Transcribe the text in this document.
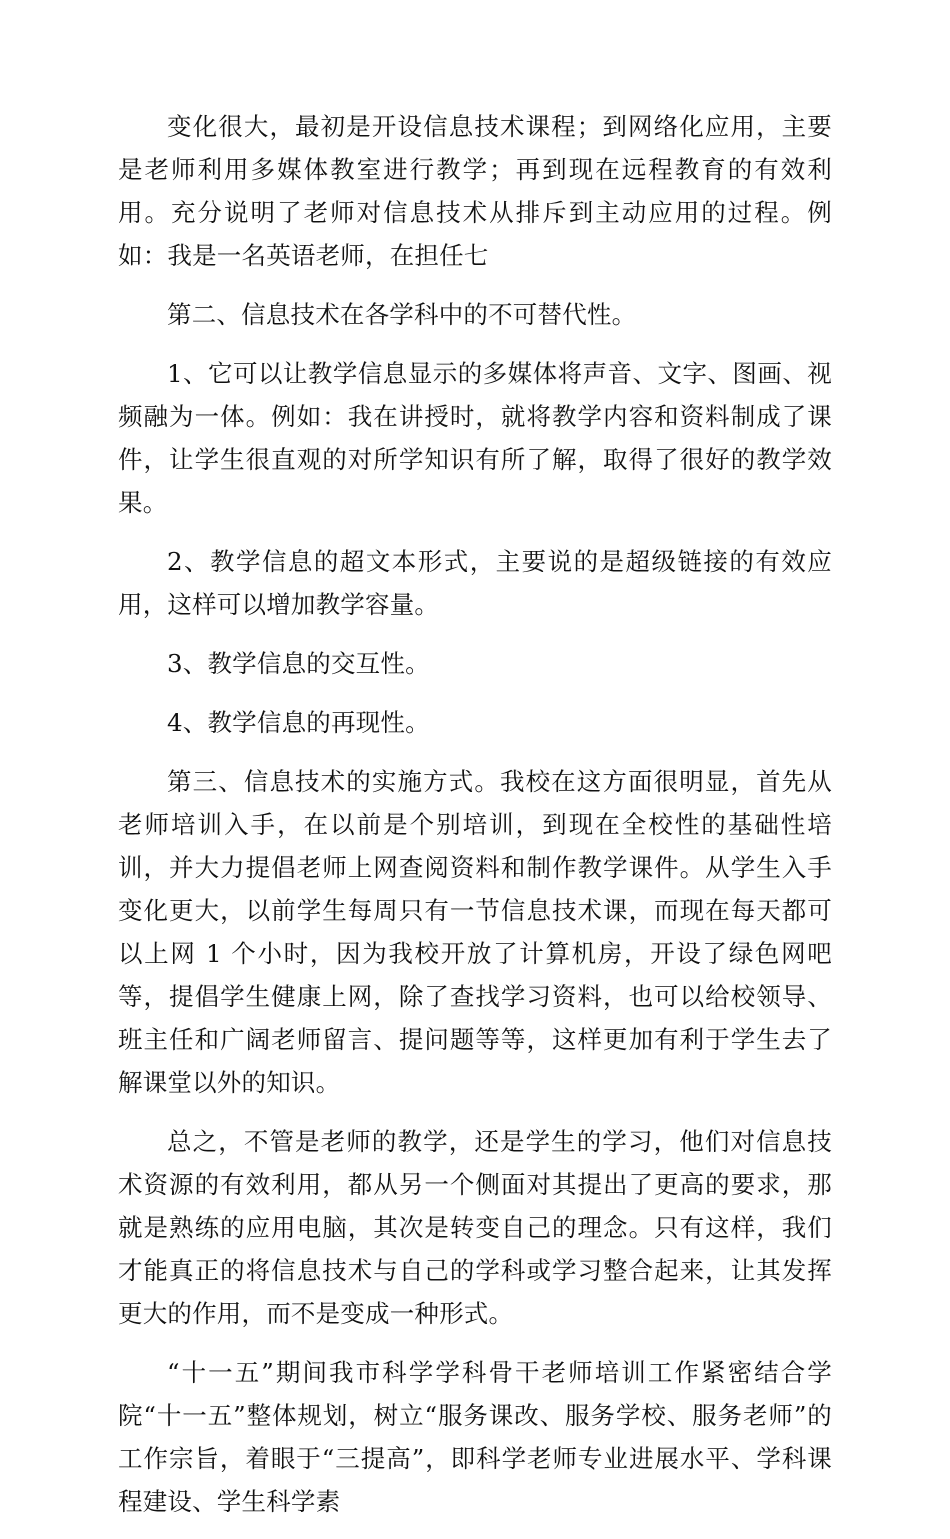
变化很大，最初是开设信息技术课程；到网络化应用，主要是老师利用多媒体教室进行教学；再到现在远程教育的有效利用。充分说明了老师对信息技术从排斥到主动应用的过程。例如：我是一名英语老师，在担任七

第二、信息技术在各学科中的不可替代性。

1、它可以让教学信息显示的多媒体将声音、文字、图画、视频融为一体。例如：我在讲授时，就将教学内容和资料制成了课件，让学生很直观的对所学知识有所了解，取得了很好的教学效果。

2、教学信息的超文本形式，主要说的是超级链接的有效应用，这样可以增加教学容量。

3、教学信息的交互性。

4、教学信息的再现性。

第三、信息技术的实施方式。我校在这方面很明显，首先从老师培训入手，在以前是个别培训，到现在全校性的基础性培训，并大力提倡老师上网查阅资料和制作教学课件。从学生入手变化更大，以前学生每周只有一节信息技术课，而现在每天都可以上网 1 个小时，因为我校开放了计算机房，开设了绿色网吧等，提倡学生健康上网，除了查找学习资料，也可以给校领导、班主任和广阔老师留言、提问题等等，这样更加有利于学生去了解课堂以外的知识。

总之，不管是老师的教学，还是学生的学习，他们对信息技术资源的有效利用，都从另一个侧面对其提出了更高的要求，那就是熟练的应用电脑，其次是转变自己的理念。只有这样，我们才能真正的将信息技术与自己的学科或学习整合起来，让其发挥更大的作用，而不是变成一种形式。

“十一五”期间我市科学学科骨干老师培训工作紧密结合学院“十一五”整体规划，树立“服务课改、服务学校、服务老师”的工作宗旨，着眼于“三提高”，即科学老师专业进展水平、学科课程建设、学生科学素
